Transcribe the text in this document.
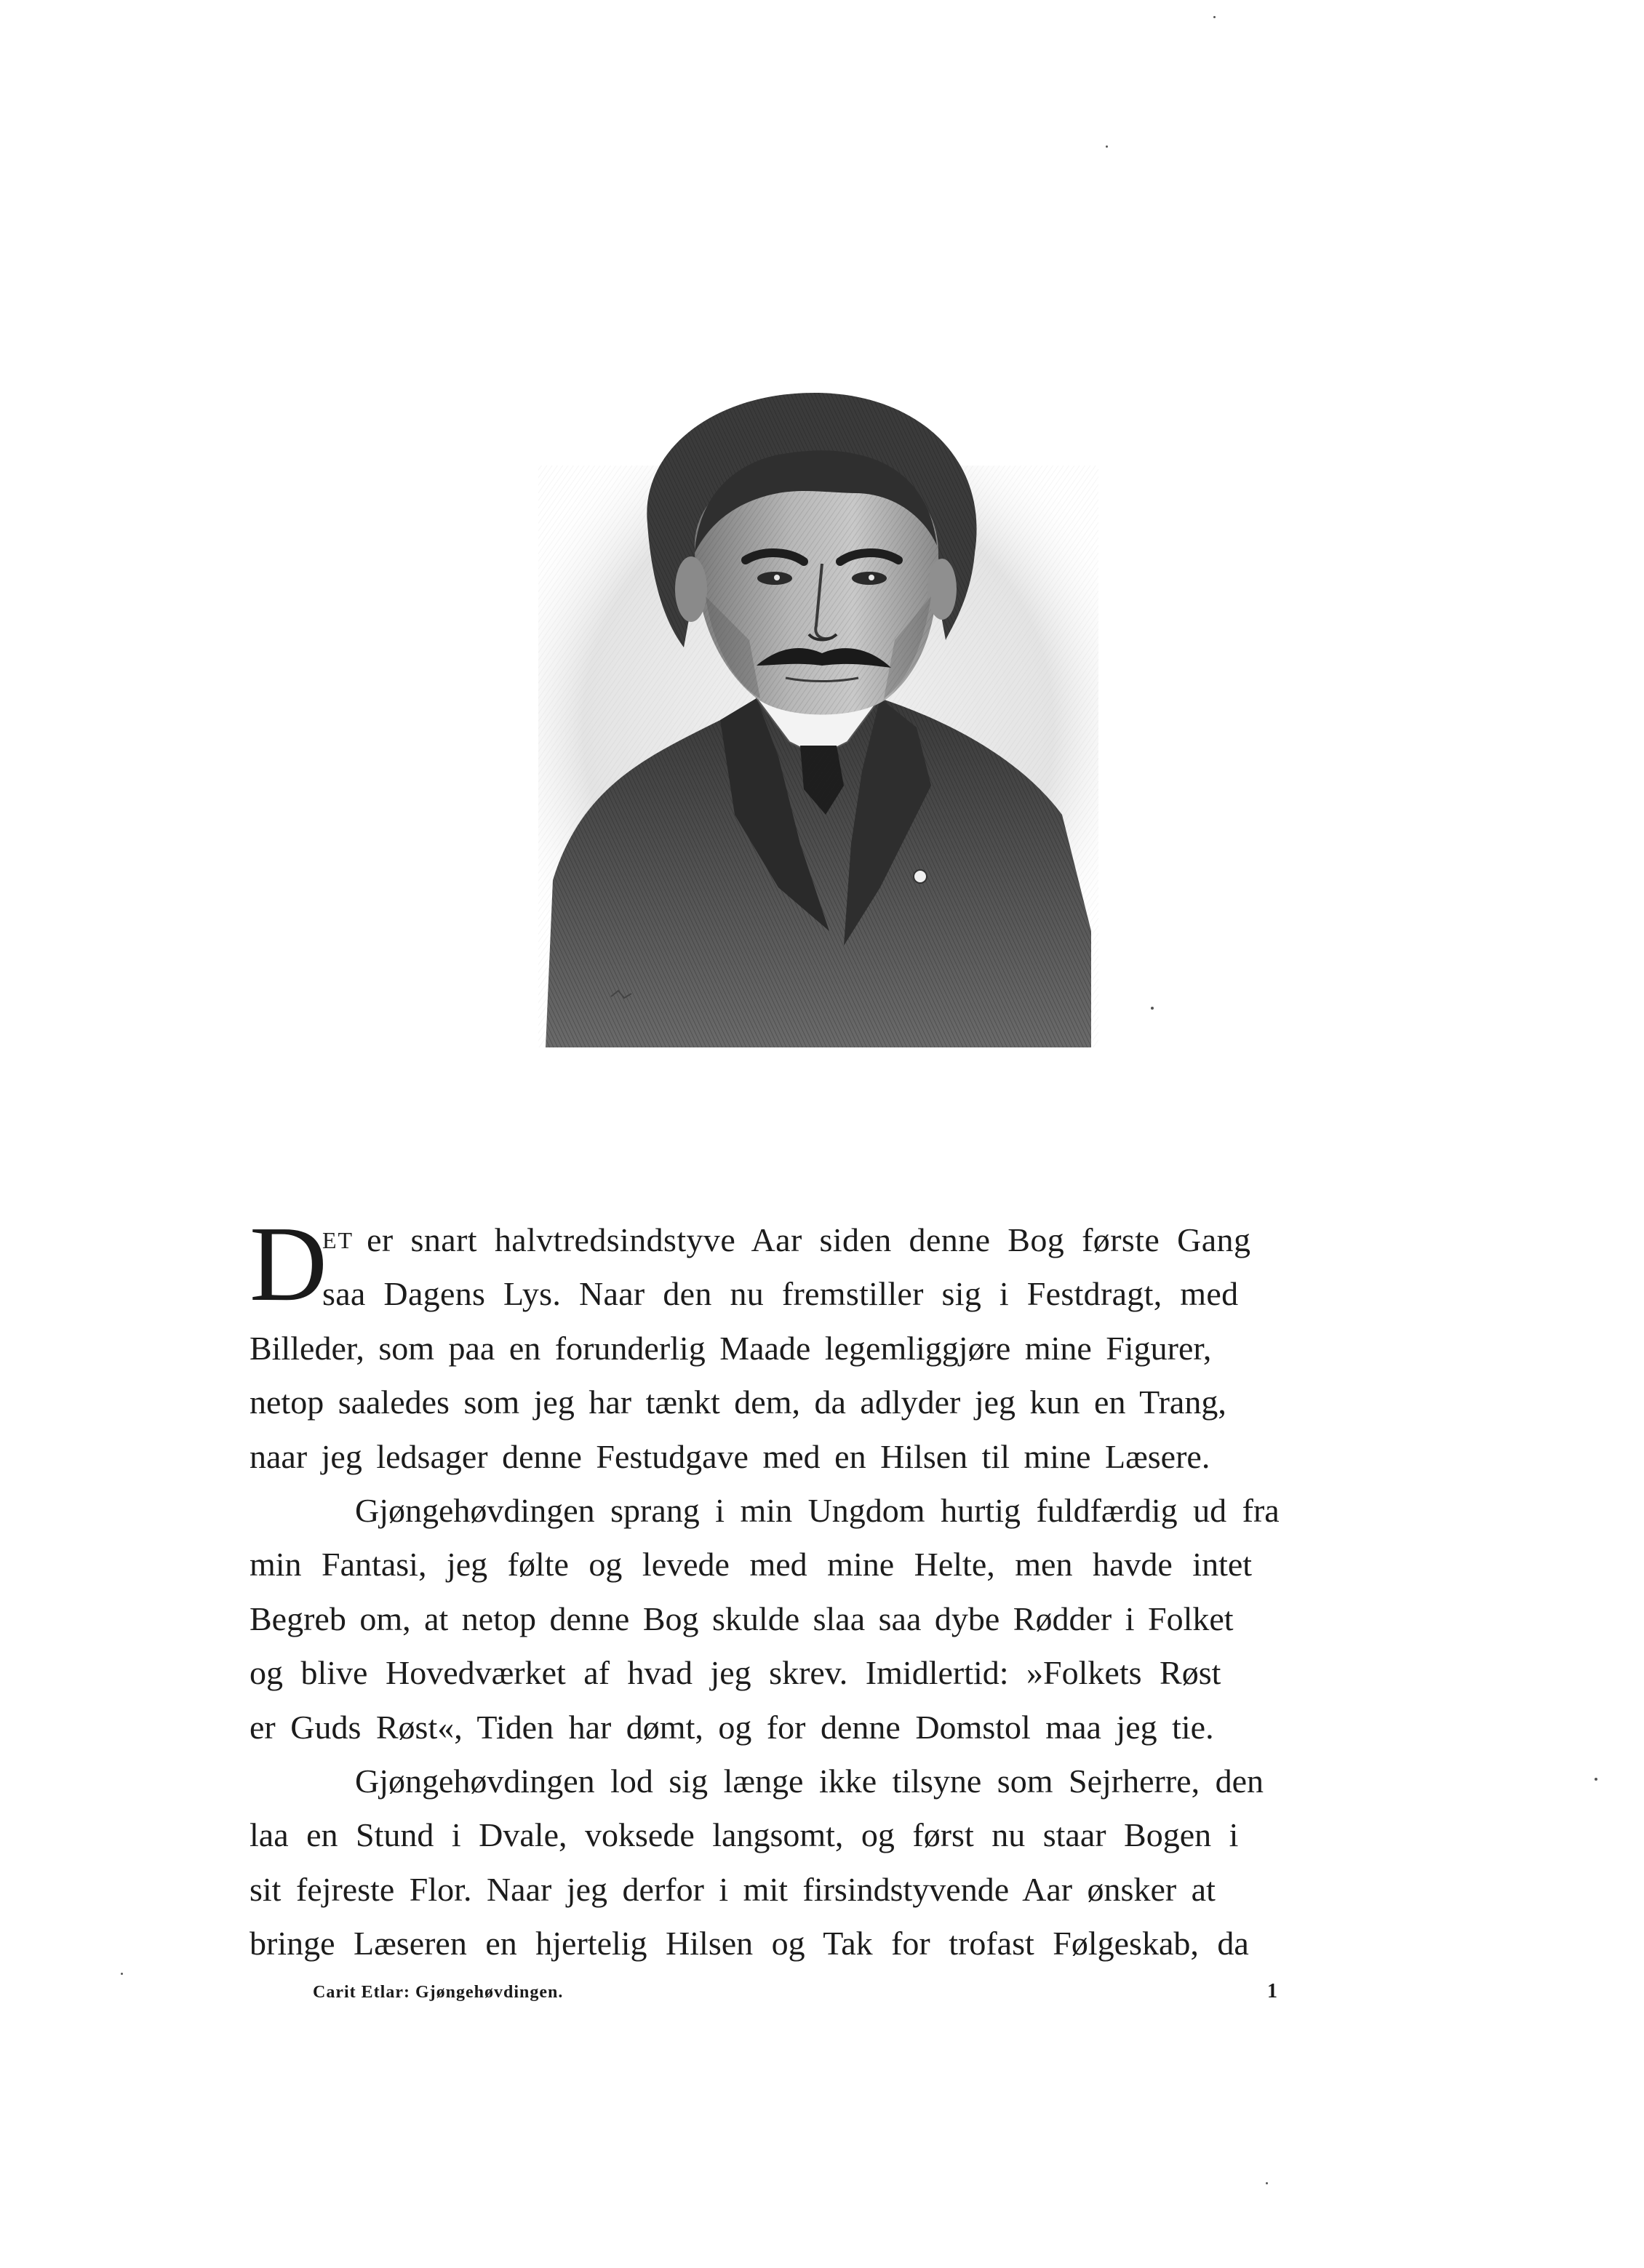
D
ET er snart halvtredsindstyve Aar siden denne Bog første Gang
saa Dagens Lys. Naar den nu fremstiller sig i Festdragt, med
Billeder, som paa en forunderlig Maade legemliggjøre mine Figurer,
netop saaledes som jeg har tænkt dem, da adlyder jeg kun en Trang,
naar jeg ledsager denne Festudgave med en Hilsen til mine Læsere.
Gjøngehøvdingen sprang i min Ungdom hurtig fuldfærdig ud fra
min Fantasi, jeg følte og levede med mine Helte, men havde intet
Begreb om, at netop denne Bog skulde slaa saa dybe Rødder i Folket
og blive Hovedværket af hvad jeg skrev. Imidlertid: »Folkets Røst
er Guds Røst«, Tiden har dømt, og for denne Domstol maa jeg tie.
Gjøngehøvdingen lod sig længe ikke tilsyne som Sejrherre, den
laa en Stund i Dvale, voksede langsomt, og først nu staar Bogen i
sit fejreste Flor. Naar jeg derfor i mit firsindstyvende Aar ønsker at
bringe Læseren en hjertelig Hilsen og Tak for trofast Følgeskab, da
Carit Etlar: Gjøngehøvdingen.	1
